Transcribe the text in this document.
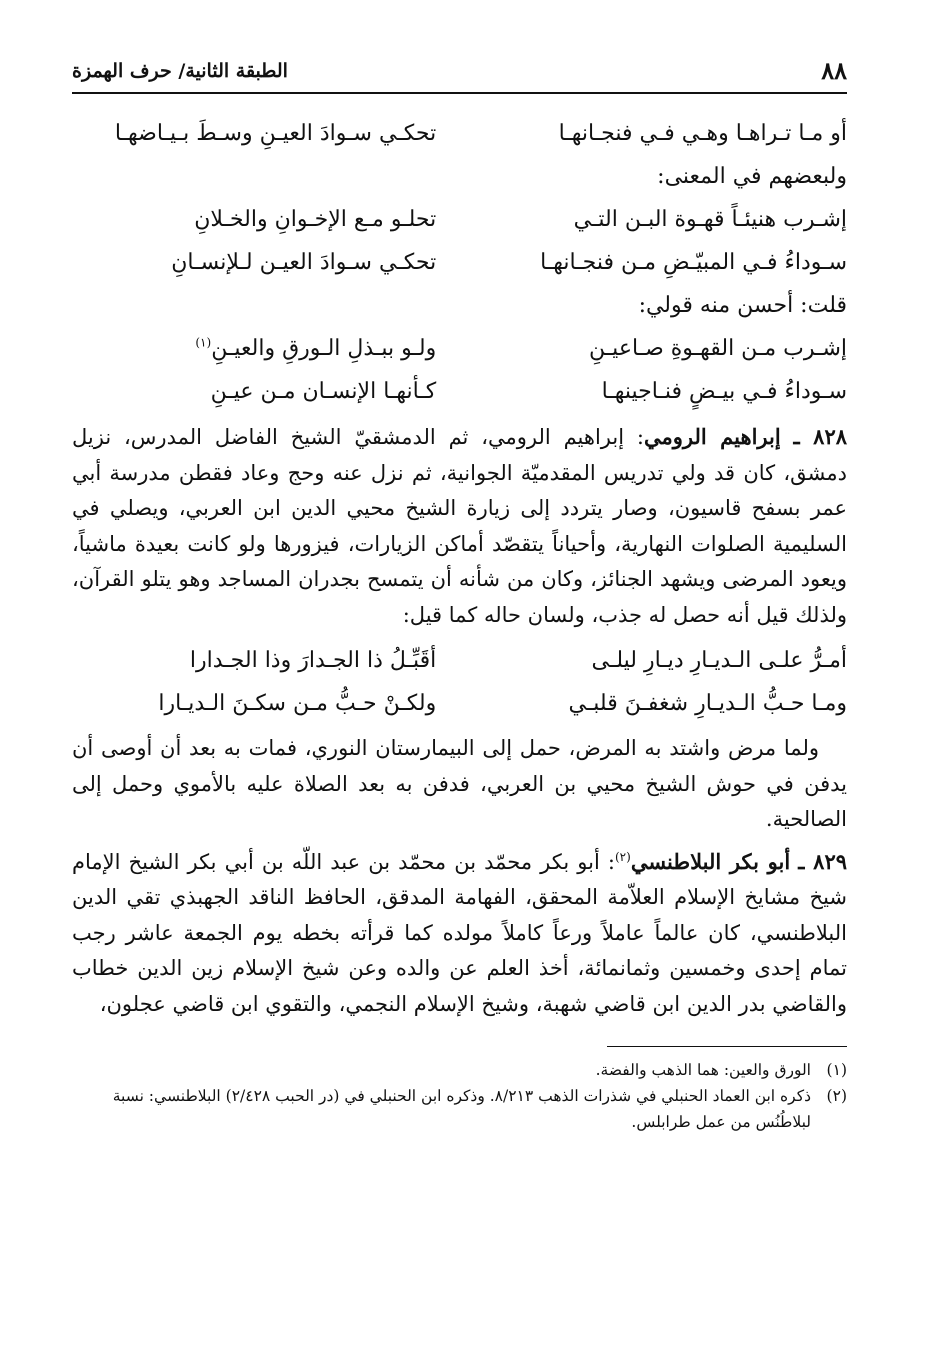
٨٨
الطبقة الثانية/ حرف الهمزة
أو مـا تـراهـا وهـي فـي فنجـانهـا
تحكـي سـوادَ العيـنِ وسـطَ بـيـاضهـا
ولبعضهم في المعنى:
إشـرب هنيئـاً قهـوة البـن التـي
تحلـو مـع الإخـوانِ والخـلانِ
سـوداءُ فـي المبيّـضِ مـن فنجـانهـا
تحكـي سـوادَ العيـن لـلإنسـانِ
قلت: أحسن منه قولي:
إشـرب مـن القهـوةِ صـاعيـنِ
ولـو ببـذلِ الـورقِ والعيـنِ$^{(١)}$
سـوداءُ فـي بيـضٍ فنـاجينهـا
كـأنهـا الإنسـان مـن عيـنِ

٨٢٨ ـ إبراهيم الرومي: إبراهيم الرومي، ثم الدمشقيّ الشيخ الفاضل المدرس، نزيل دمشق، كان قد ولي تدريس المقدميّة الجوانية، ثم نزل عنه وحج وعاد فقطن مدرسة أبي عمر بسفح قاسيون، وصار يتردد إلى زيارة الشيخ محيي الدين ابن العربي، ويصلي في السليمية الصلوات النهارية، وأحياناً يتقصّد أماكن الزيارات، فيزورها ولو كانت بعيدة ماشياً، ويعود المرضى ويشهد الجنائز، وكان من شأنه أن يتمسح بجدران المساجد وهو يتلو القرآن، ولذلك قيل أنه حصل له جذب، ولسان حاله كما قيل:

أمـرُّ علـى الـديـارِ ديـارِ ليلـى
أقَبِّـلُ ذا الجـدارَ وذا الجـدارا
ومـا حـبُّ الـديـارِ شغفـنَ قلبـي
ولكـنْ حـبُّ مـن سكـنَ الـديـارا

ولما مرض واشتد به المرض، حمل إلى البيمارستان النوري، فمات به بعد أن أوصى أن يدفن في حوش الشيخ محيي بن العربي، فدفن به بعد الصلاة عليه بالأموي وحمل إلى الصالحية.

٨٢٩ ـ أبو بكر البلاطنسي$^{(٢)}$: أبو بكر محمّد بن محمّد بن عبد اللّه بن أبي بكر الشيخ الإمام شيخ مشايخ الإسلام العلاّمة المحقق، الفهامة المدقق، الحافظ الناقد الجهبذي تقي الدين البلاطنسي، كان عالماً عاملاً ورعاً كاملاً مولده كما قرأته بخطه يوم الجمعة عاشر رجب تمام إحدى وخمسين وثمانمائة، أخذ العلم عن والده وعن شيخ الإسلام زين الدين خطاب والقاضي بدر الدين ابن قاضي شهبة، وشيخ الإسلام النجمي، والتقوي ابن قاضي عجلون،

(١)
الورق والعين: هما الذهب والفضة.
(٢)
ذكره ابن العماد الحنبلي في شذرات الذهب ٨/٢١٣. وذكره ابن الحنبلي في (در الحبب ٢/٤٢٨) البلاطنسي: نسبة لبلاطُنُس من عمل طرابلس.
